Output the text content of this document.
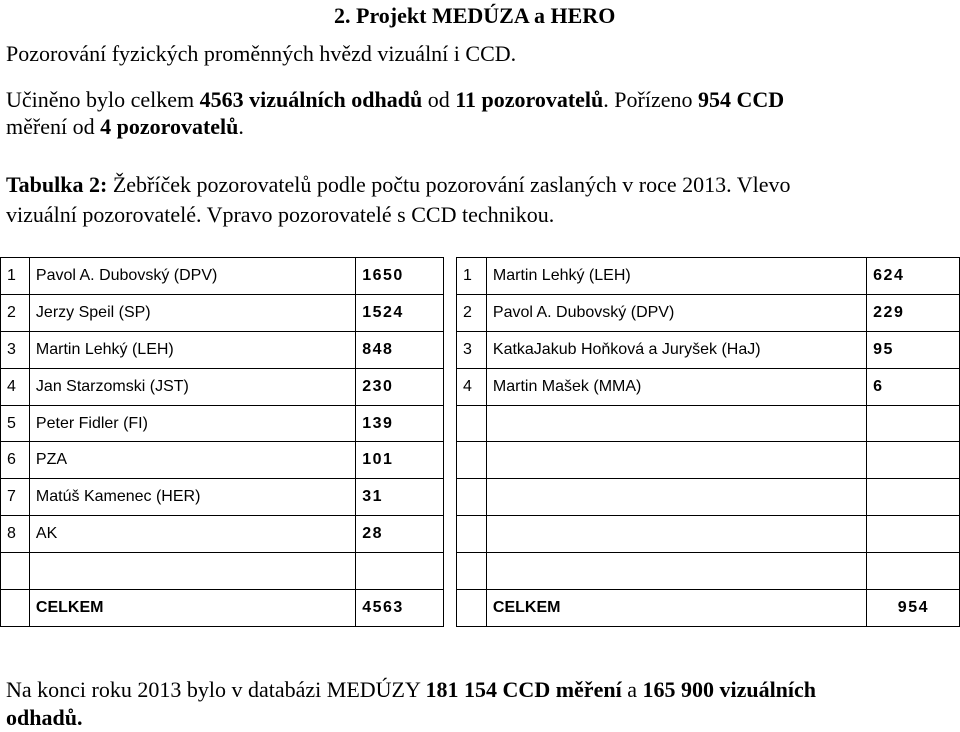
2. Projekt MEDÚZA a HERO
Pozorování fyzických proměnných hvězd vizuální i CCD.
Učiněno bylo celkem 4563 vizuálních odhadů od 11 pozorovatelů. Pořízeno 954 CCD
měření od 4 pozorovatelů.
Tabulka 2: Žebříček pozorovatelů podle počtu pozorování zaslaných v roce 2013. Vlevo
vizuální pozorovatelé. Vpravo pozorovatelé s CCD technikou.
1	Pavol A. Dubovský (DPV)	1650
2	Jerzy Speil (SP)	1524
3	Martin Lehký (LEH)	848
4	Jan Starzomski (JST)	230
5	Peter Fidler (FI)	139
6	PZA	101
7	Matúš Kamenec (HER)	31
8	AK	28

	CELKEM	4563
1	Martin Lehký (LEH)	624
2	Pavol A. Dubovský (DPV)	229
3	KatkaJakub Hoňková a Juryšek (HaJ)	95
4	Martin Mašek (MMA)	6

	CELKEM	954
Na konci roku 2013 bylo v databázi MEDÚZY 181 154 CCD měření a 165 900 vizuálních
odhadů.
